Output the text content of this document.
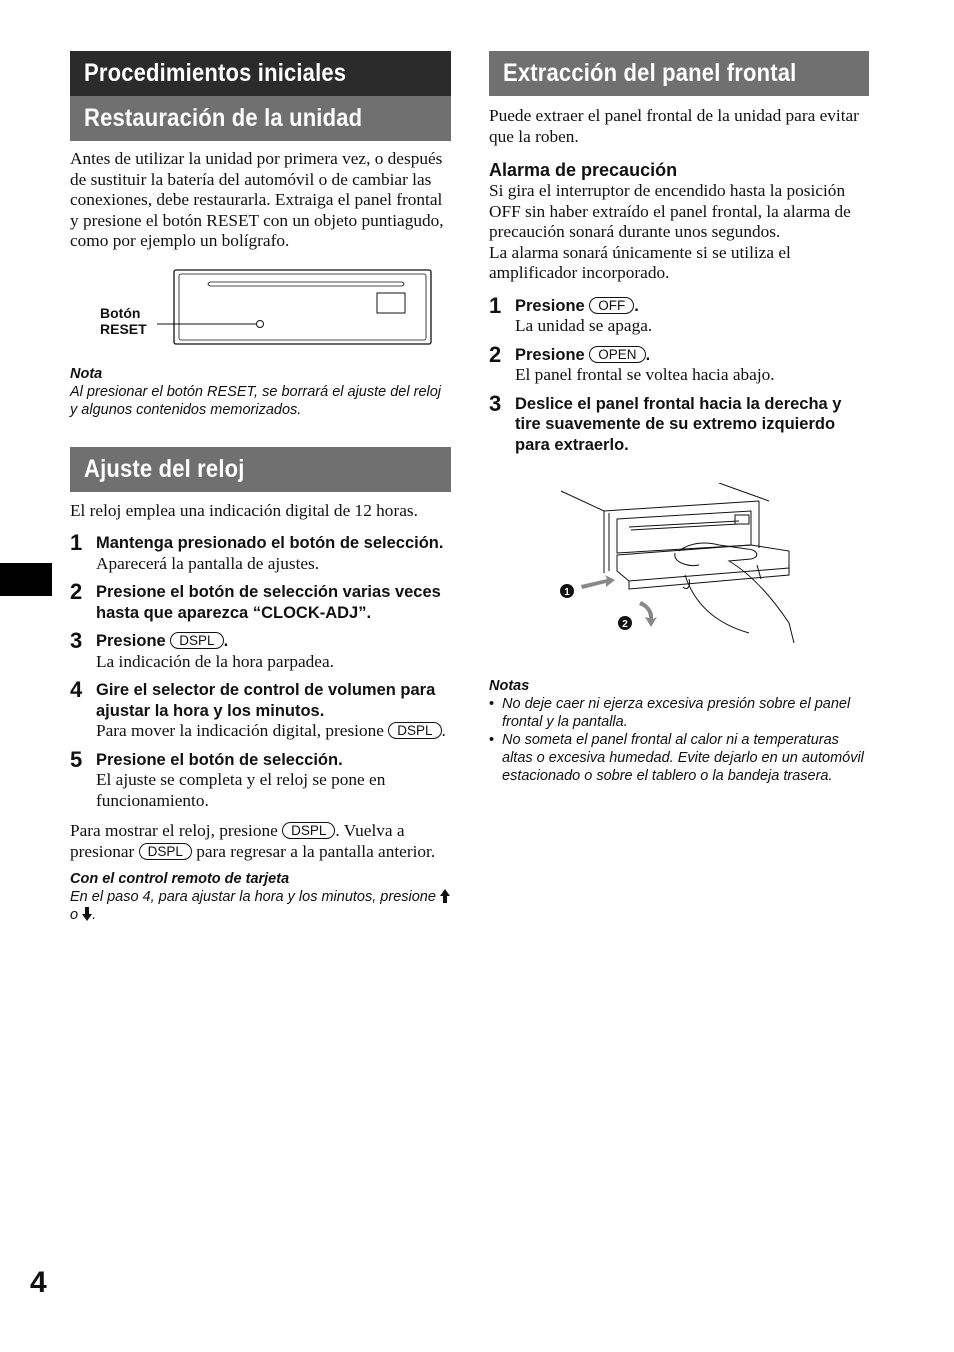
Procedimientos iniciales
Restauración de la unidad

Antes de utilizar la unidad por primera vez, o después de sustituir la batería del automóvil o de cambiar las conexiones, debe restaurarla. Extraiga el panel frontal y presione el botón RESET con un objeto puntiagudo, como por ejemplo un bolígrafo.

Botón
RESET

Nota

Al presionar el botón RESET, se borrará el ajuste del reloj y algunos contenidos memorizados.

Ajuste del reloj

El reloj emplea una indicación digital de 12 horas.

1 Mantenga presionado el botón de selección.

Aparecerá la pantalla de ajustes.

2 Presione el botón de selección varias veces hasta que aparezca “CLOCK-ADJ”.

3 Presione DSPL .

La indicación de la hora parpadea.

4 Gire el selector de control de volumen para ajustar la hora y los minutos.

Para mover la indicación digital, presione DSPL .

5 Presione el botón de selección.

El ajuste se completa y el reloj se pone en funcionamiento.

Para mostrar el reloj, presione DSPL . Vuelva a presionar DSPL para regresar a la pantalla anterior.

Con el control remoto de tarjeta

En el paso 4, para ajustar la hora y los minutos, presione  o .

Extracción del panel frontal

Puede extraer el panel frontal de la unidad para evitar que la roben.

Alarma de precaución

Si gira el interruptor de encendido hasta la posición OFF sin haber extraído el panel frontal, la alarma de precaución sonará durante unos segundos.

La alarma sonará únicamente si se utiliza el amplificador incorporado.

1 Presione OFF .

La unidad se apaga.

2 Presione OPEN .

El panel frontal se voltea hacia abajo.

3 Deslice el panel frontal hacia la derecha y tire suavemente de su extremo izquierdo para extraerlo.

1
2

Notas

• No deje caer ni ejerza excesiva presión sobre el panel frontal y la pantalla.
• No someta el panel frontal al calor ni a temperaturas altas o excesiva humedad. Evite dejarlo en un automóvil estacionado o sobre el tablero o la bandeja trasera.
4
